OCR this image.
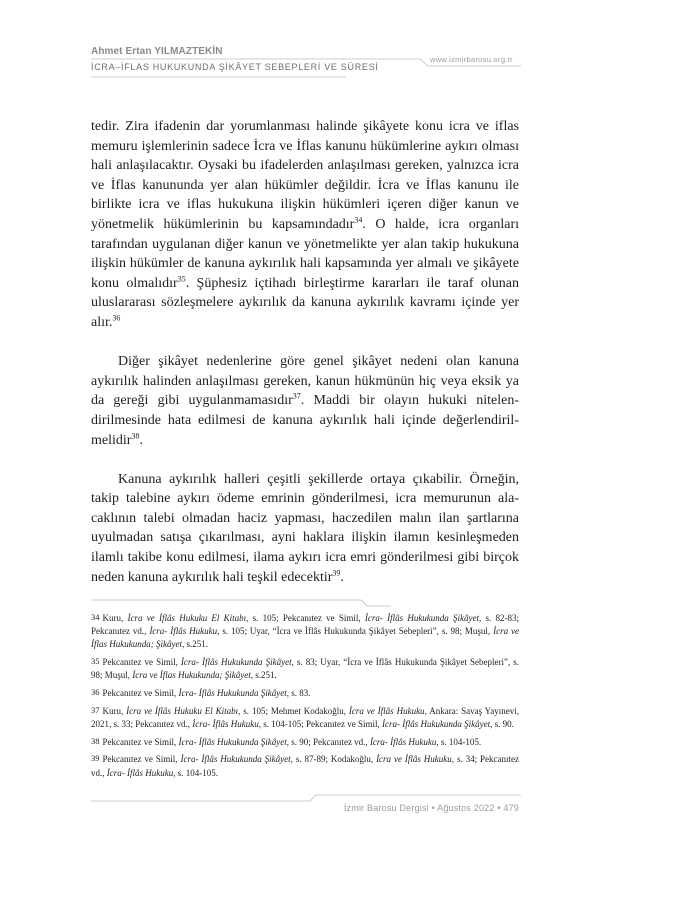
Ahmet Ertan YILMAZTEKİN
İCRA–İFLAS HUKUKUNDA ŞİKÂYET SEBEPLERİ VE SÜRESİ
www.izmirbarosu.org.tr

tedir. Zira ifadenin dar yorumlanması halinde şikâyete konu icra ve iflas memuru işlemlerinin sadece İcra ve İflas kanunu hükümlerine aykırı olması hali anlaşılacaktır. Oysaki bu ifadelerden anlaşılması gereken, yalnızca icra ve İflas kanununda yer alan hükümler değildir. İcra ve İflas kanunu ile birlikte icra ve iflas hukukuna ilişkin hükümleri içeren diğer kanun ve yönetmelik hükümlerinin bu kapsamındadır$^{34}$. O halde, icra organları tarafından uygulanan diğer kanun ve yönetmelikte yer alan takip hukukuna ilişkin hükümler de kanuna aykırılık hali kapsamında yer almalı ve şikâyete konu olmalıdır$^{35}$. Şüphesiz içtihadı birleştirme kararları ile taraf olunan uluslararası sözleşmelere aykırılık da kanuna aykırılık kavramı içinde yer alır.$^{36}$

Diğer şikâyet nedenlerine göre genel şikâyet nedeni olan kanuna aykırılık halinden anlaşılması gereken, kanun hükmünün hiç veya eksik ya da gereği gibi uygulanmamasıdır$^{37}$. Maddi bir olayın hukuki nitelendirilmesinde hata edilmesi de kanuna aykırılık hali içinde değerlendirilmelidir$^{38}$.

Kanuna aykırılık halleri çeşitli şekillerde ortaya çıkabilir. Örneğin, takip talebine aykırı ödeme emrinin gönderilmesi, icra memurunun alacaklının talebi olmadan haciz yapması, haczedilen malın ilan şartlarına uyulmadan satışa çıkarılması, ayni haklara ilişkin ilamın kesinleşmeden ilamlı takibe konu edilmesi, ilama aykırı icra emri gönderilmesi gibi birçok neden kanuna aykırılık hali teşkil edecektir$^{39}$.

34 Kuru, İcra ve İflâs Hukuku El Kitabı, s. 105; Pekcanıtez ve Simil, İcra- İflâs Hukukunda Şikâyet, s. 82-83; Pekcanıtez vd., İcra- İflâs Hukuku, s. 105; Uyar, “İcra ve İflâs Hukukunda Şikâyet Sebepleri”, s. 98; Muşul, İcra ve İflas Hukukunda; Şikâyet, s.251.
35 Pekcanıtez ve Simil, İcra- İflâs Hukukunda Şikâyet, s. 83; Uyar, “İcra ve İflâs Hukukunda Şikâyet Sebepleri”, s. 98; Muşul, İcra ve İflas Hukukunda; Şikâyet, s.251.
36 Pekcanıtez ve Simil, İcra- İflâs Hukukunda Şikâyet, s. 83.
37 Kuru, İcra ve İflâs Hukuku El Kitabı, s. 105; Mehmet Kodakoğlu, İcra ve İflâs Hukuku, Ankara: Savaş Yayınevi, 2021, s. 33; Pekcanıtez vd., İcra- İflâs Hukuku, s. 104-105; Pekcanıtez ve Simil, İcra- İflâs Hukukunda Şikâyet, s. 90.
38 Pekcanıtez ve Simil, İcra- İflâs Hukukunda Şikâyet, s. 90; Pekcanıtez vd., İcra- İflâs Hukuku, s. 104-105.
39 Pekcanıtez ve Simil, İcra- İflâs Hukukunda Şikâyet, s. 87-89; Kodakoğlu, İcra ve İflâs Hukuku, s. 34; Pekcanıtez vd., İcra- İflâs Hukuku, s. 104-105.
İzmir Barosu Dergisi • Ağustos 2022 • 479
